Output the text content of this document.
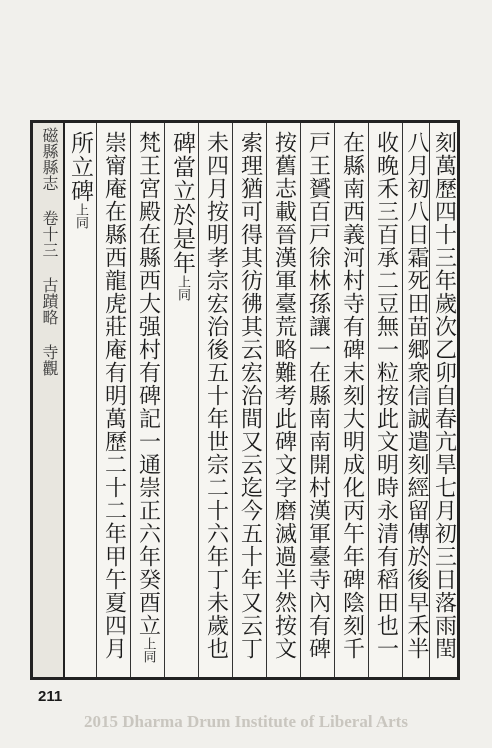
磁縣縣志 卷十三 古蹟略 寺觀 所立碑上同 崇甯庵在縣西龍虎莊庵有明萬歷二十二年甲午夏四月 梵王宮殿在縣西大强村有碑記一通崇正六年癸酉立上同
碑當立於是年上同 未四月按明孝宗宏治後五十年世宗二十六年丁未歲也 索理猶可得其彷彿其云宏治間又云迄今五十年又云丁 按舊志載晉漢軍臺荒略難考此碑文字磨滅過半然按文 戸王贇百戸徐林孫讓一在縣南南開村漢軍臺寺內有碑 在縣南西義河村寺有碑末刻大明成化丙午年碑陰刻千 收晚禾三百承二豆無一粒按此文明時永清有稻田也一 八月初八日霜死田苗郷衆信誠遣刻經留傳於後早禾半 刻萬歷四十三年歲次乙卯自春亢旱七月初三日落雨閏
211
2015 Dharma Drum Institute of Liberal Arts
